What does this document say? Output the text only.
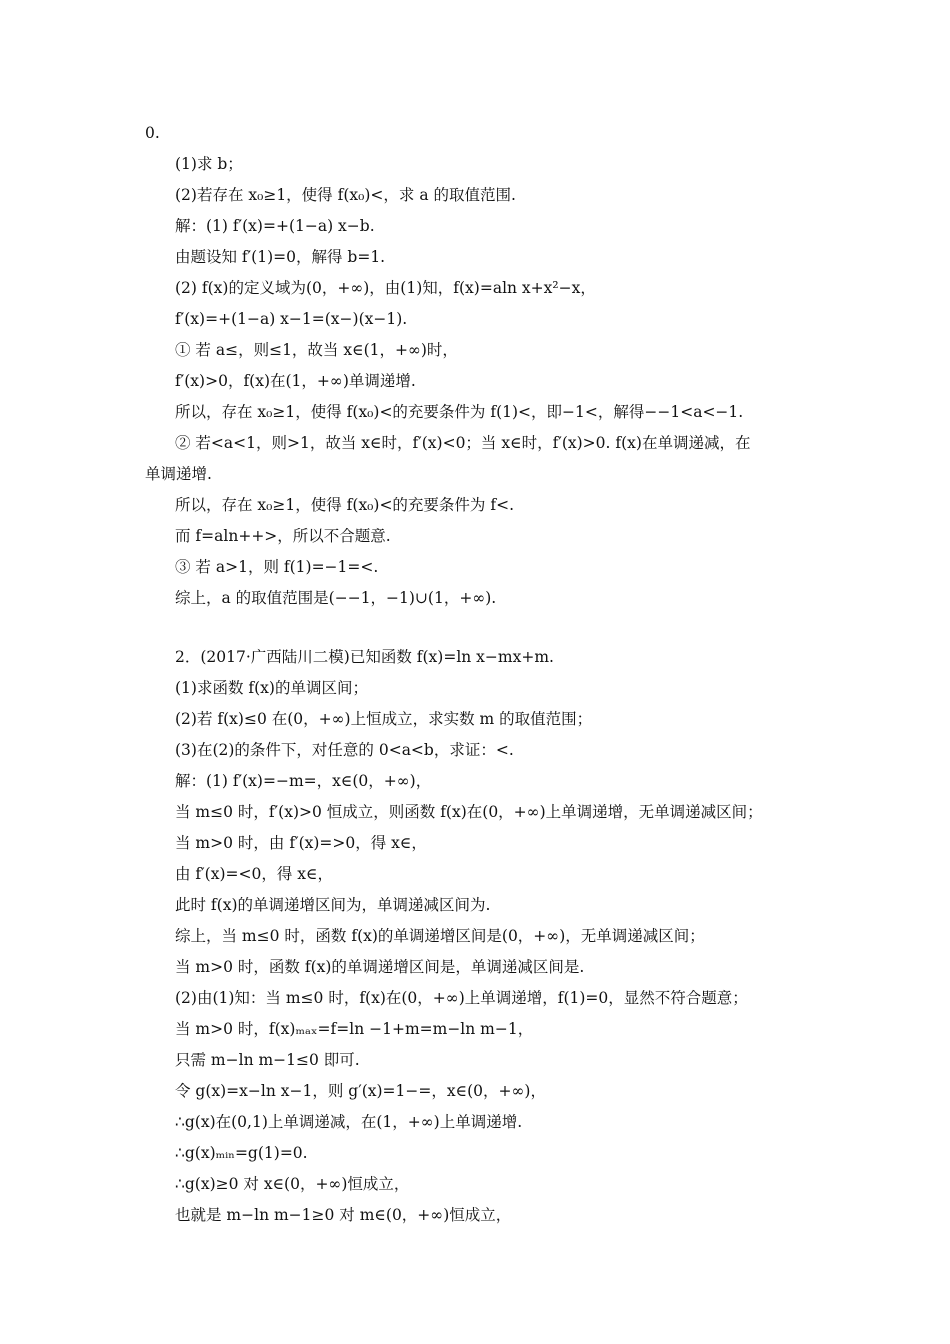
0.
(1)求 b；
(2)若存在 x₀≥1，使得 f(x₀)<，求 a 的取值范围.
解：(1) f′(x)=+(1−a) x−b.
由题设知 f′(1)=0，解得 b=1.
(2) f(x)的定义域为(0，+∞)，由(1)知，f(x)=aln x+x²−x，
f′(x)=+(1−a) x−1=(x−)(x−1).
① 若 a≤，则≤1，故当 x∈(1，+∞)时，
f′(x)>0，f(x)在(1，+∞)单调递增.
所以，存在 x₀≥1，使得 f(x₀)<的充要条件为 f(1)<，即−1<，解得−−1<a<−1.
② 若<a<1，则>1，故当 x∈时，f′(x)<0；当 x∈时，f′(x)>0. f(x)在单调递减，在
单调递增.
所以，存在 x₀≥1，使得 f(x₀)<的充要条件为 f<.
而 f=aln++>，所以不合题意.
③ 若 a>1，则 f(1)=−1=<.
综上，a 的取值范围是(−−1，−1)∪(1，+∞).
2．(2017·广西陆川二模)已知函数 f(x)=ln x−mx+m.
(1)求函数 f(x)的单调区间；
(2)若 f(x)≤0 在(0，+∞)上恒成立，求实数 m 的取值范围；
(3)在(2)的条件下，对任意的 0<a<b，求证：<.
解：(1) f′(x)=−m=，x∈(0，+∞)，
当 m≤0 时，f′(x)>0 恒成立，则函数 f(x)在(0，+∞)上单调递增，无单调递减区间；
当 m>0 时，由 f′(x)=>0，得 x∈，
由 f′(x)=<0，得 x∈，
此时 f(x)的单调递增区间为，单调递减区间为.
综上，当 m≤0 时，函数 f(x)的单调递增区间是(0，+∞)，无单调递减区间；
当 m>0 时，函数 f(x)的单调递增区间是，单调递减区间是.
(2)由(1)知：当 m≤0 时，f(x)在(0，+∞)上单调递增，f(1)=0，显然不符合题意；
当 m>0 时，f(x)ₘₐₓ=f=ln −1+m=m−ln m−1，
只需 m−ln m−1≤0 即可.
令 g(x)=x−ln x−1，则 g′(x)=1−=，x∈(0，+∞)，
∴g(x)在(0,1)上单调递减，在(1，+∞)上单调递增.
∴g(x)ₘᵢₙ=g(1)=0.
∴g(x)≥0 对 x∈(0，+∞)恒成立，
也就是 m−ln m−1≥0 对 m∈(0，+∞)恒成立，
